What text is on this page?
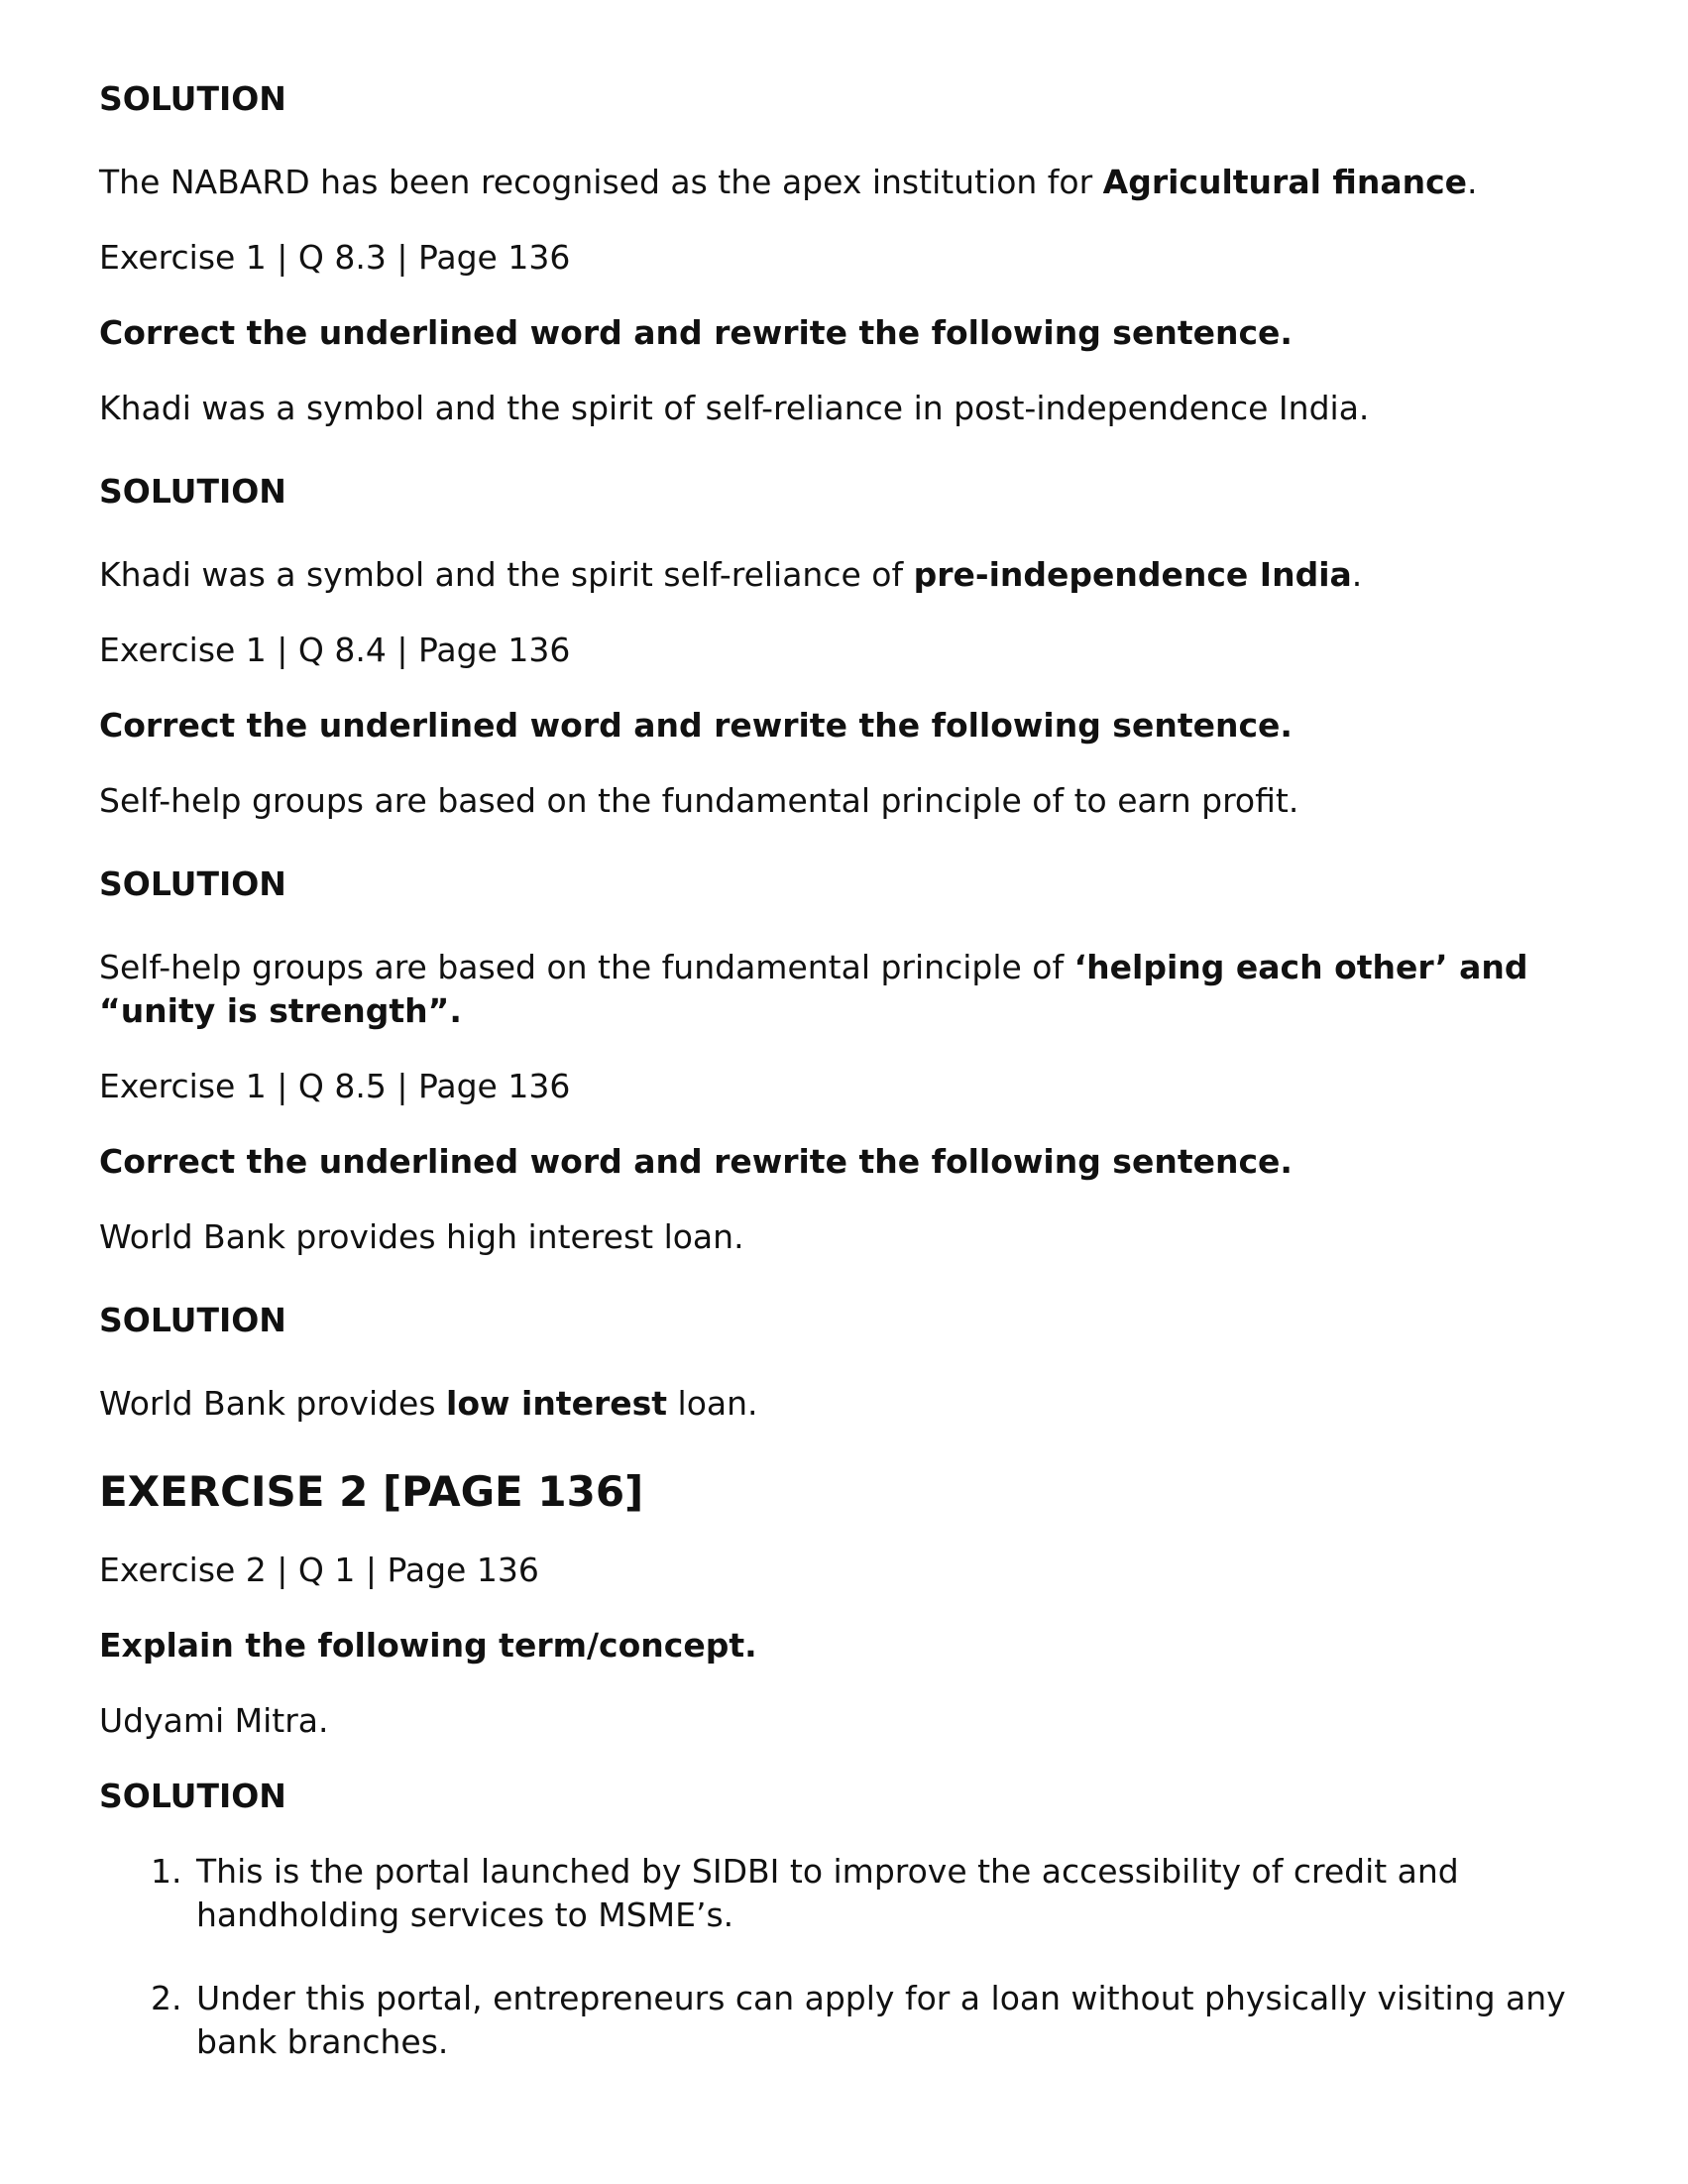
SOLUTION

The NABARD has been recognised as the apex institution for Agricultural finance.

Exercise 1 | Q 8.3 | Page 136

Correct the underlined word and rewrite the following sentence.

Khadi was a symbol and the spirit of self-reliance in post-independence India.

SOLUTION

Khadi was a symbol and the spirit self-reliance of pre-independence India.

Exercise 1 | Q 8.4 | Page 136

Correct the underlined word and rewrite the following sentence.

Self-help groups are based on the fundamental principle of to earn profit.

SOLUTION

Self-help groups are based on the fundamental principle of ‘helping each other’ and “unity is strength”.

Exercise 1 | Q 8.5 | Page 136

Correct the underlined word and rewrite the following sentence.

World Bank provides high interest loan.

SOLUTION

World Bank provides low interest loan.

EXERCISE 2 [PAGE 136]

Exercise 2 | Q 1 | Page 136

Explain the following term/concept.

Udyami Mitra.

SOLUTION

1. This is the portal launched by SIDBI to improve the accessibility of credit and handholding services to MSME’s.
2. Under this portal, entrepreneurs can apply for a loan without physically visiting any bank branches.
